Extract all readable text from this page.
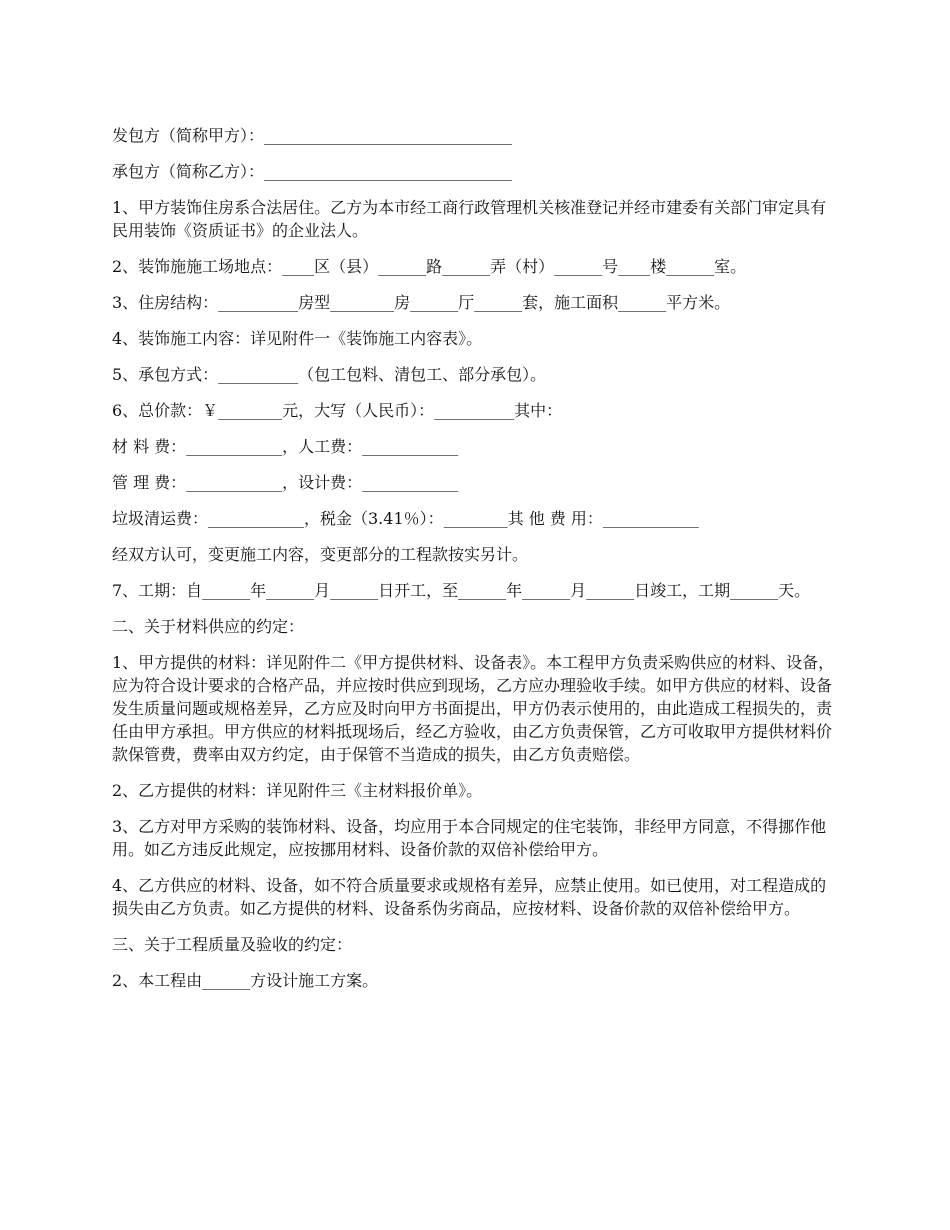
发包方（简称甲方）：_______________________________

承包方（简称乙方）：_______________________________

1、甲方装饰住房系合法居住。乙方为本市经工商行政管理机关核准登记并经市建委有关部门审定具有民用装饰《资质证书》的企业法人。

2、装饰施施工场地点：____区（县）______路______弄（村）______号____楼______室。

3、住房结构：__________房型________房______厅______套，施工面积______平方米。

4、装饰施工内容：详见附件一《装饰施工内容表》。

5、承包方式：__________（包工包料、清包工、部分承包）。

6、总价款：￥________元，大写（人民币）：__________其中：

材 料 费：____________，人工费：____________

管 理 费：____________，设计费：____________

垃圾清运费：____________，税金（3.41％）：________其 他 费 用：____________

经双方认可，变更施工内容，变更部分的工程款按实另计。

7、工期：自______年______月______日开工，至______年______月______日竣工，工期______天。

二、关于材料供应的约定：

1、甲方提供的材料：详见附件二《甲方提供材料、设备表》。本工程甲方负责采购供应的材料、设备，应为符合设计要求的合格产品，并应按时供应到现场，乙方应办理验收手续。如甲方供应的材料、设备发生质量问题或规格差异，乙方应及时向甲方书面提出，甲方仍表示使用的，由此造成工程损失的，责任由甲方承担。甲方供应的材料抵现场后，经乙方验收，由乙方负责保管，乙方可收取甲方提供材料价款保管费，费率由双方约定，由于保管不当造成的损失，由乙方负责赔偿。

2、乙方提供的材料：详见附件三《主材料报价单》。

3、乙方对甲方采购的装饰材料、设备，均应用于本合同规定的住宅装饰，非经甲方同意，不得挪作他用。如乙方违反此规定，应按挪用材料、设备价款的双倍补偿给甲方。

4、乙方供应的材料、设备，如不符合质量要求或规格有差异，应禁止使用。如已使用，对工程造成的损失由乙方负责。如乙方提供的材料、设备系伪劣商品，应按材料、设备价款的双倍补偿给甲方。

三、关于工程质量及验收的约定：

2、本工程由______方设计施工方案。
